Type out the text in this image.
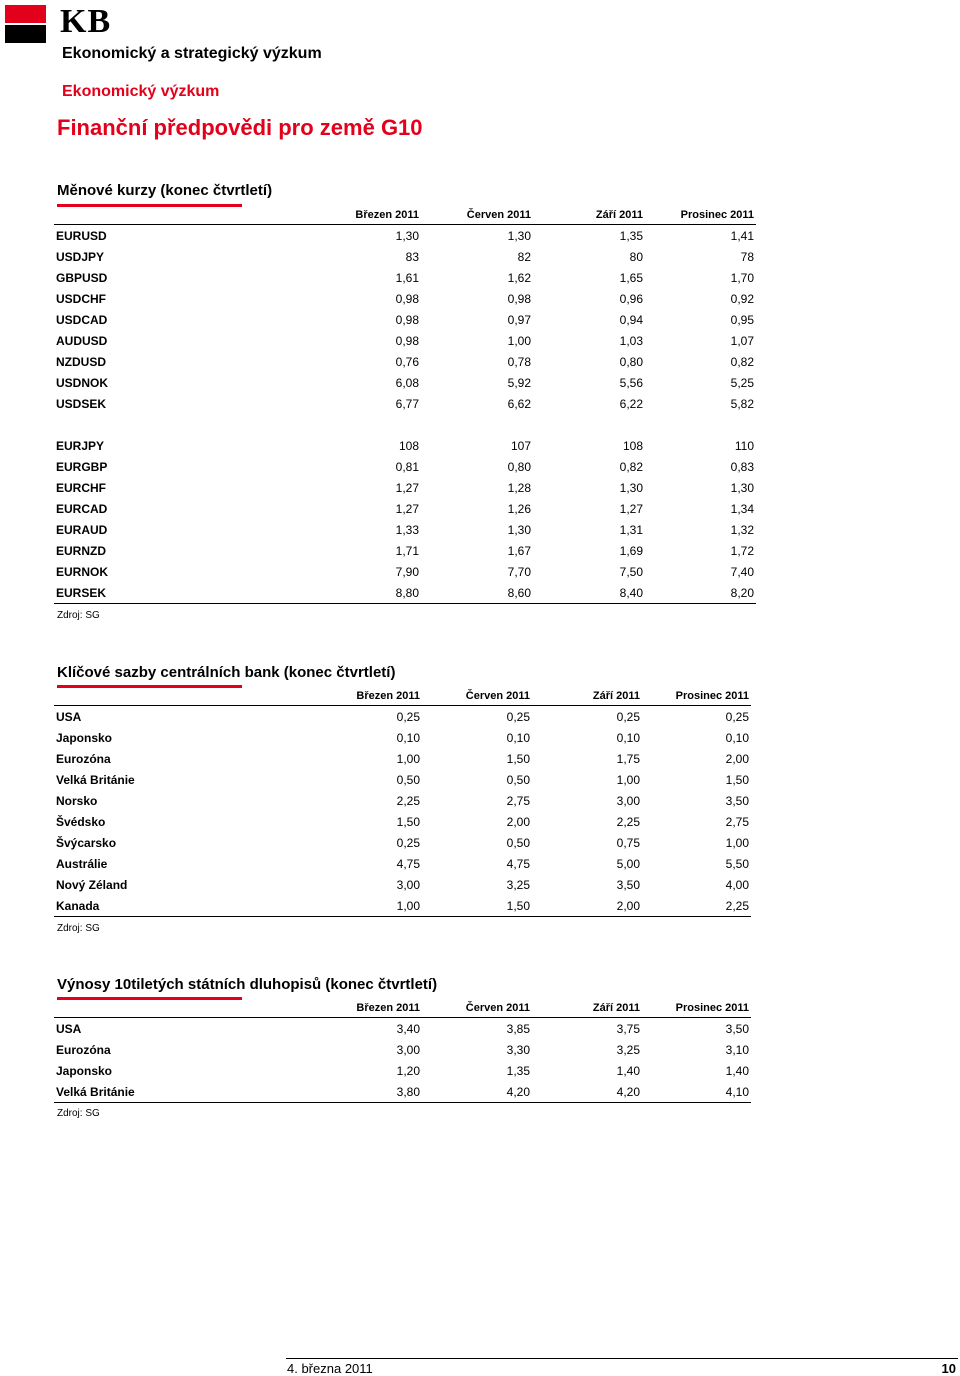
KB
Ekonomický a strategický výzkum
Ekonomický výzkum
Finanční předpovědi pro země G10
Měnové kurzy (konec čtvrtletí)
	Březen 2011	Červen 2011	Září 2011	Prosinec 2011
EURUSD	1,30	1,30	1,35	1,41
USDJPY	83	82	80	78
GBPUSD	1,61	1,62	1,65	1,70
USDCHF	0,98	0,98	0,96	0,92
USDCAD	0,98	0,97	0,94	0,95
AUDUSD	0,98	1,00	1,03	1,07
NZDUSD	0,76	0,78	0,80	0,82
USDNOK	6,08	5,92	5,56	5,25
USDSEK	6,77	6,62	6,22	5,82

EURJPY	108	107	108	110
EURGBP	0,81	0,80	0,82	0,83
EURCHF	1,27	1,28	1,30	1,30
EURCAD	1,27	1,26	1,27	1,34
EURAUD	1,33	1,30	1,31	1,32
EURNZD	1,71	1,67	1,69	1,72
EURNOK	7,90	7,70	7,50	7,40
EURSEK	8,80	8,60	8,40	8,20
Zdroj: SG
Klíčové sazby centrálních bank (konec čtvrtletí)
	Březen 2011	Červen 2011	Září 2011	Prosinec 2011
USA	0,25	0,25	0,25	0,25
Japonsko	0,10	0,10	0,10	0,10
Eurozóna	1,00	1,50	1,75	2,00
Velká Británie	0,50	0,50	1,00	1,50
Norsko	2,25	2,75	3,00	3,50
Švédsko	1,50	2,00	2,25	2,75
Švýcarsko	0,25	0,50	0,75	1,00
Austrálie	4,75	4,75	5,00	5,50
Nový Zéland	3,00	3,25	3,50	4,00
Kanada	1,00	1,50	2,00	2,25
Zdroj: SG
Výnosy 10tiletých státních dluhopisů (konec čtvrtletí)
	Březen 2011	Červen 2011	Září 2011	Prosinec 2011
USA	3,40	3,85	3,75	3,50
Eurozóna	3,00	3,30	3,25	3,10
Japonsko	1,20	1,35	1,40	1,40
Velká Británie	3,80	4,20	4,20	4,10
Zdroj: SG
4. března 2011	10
